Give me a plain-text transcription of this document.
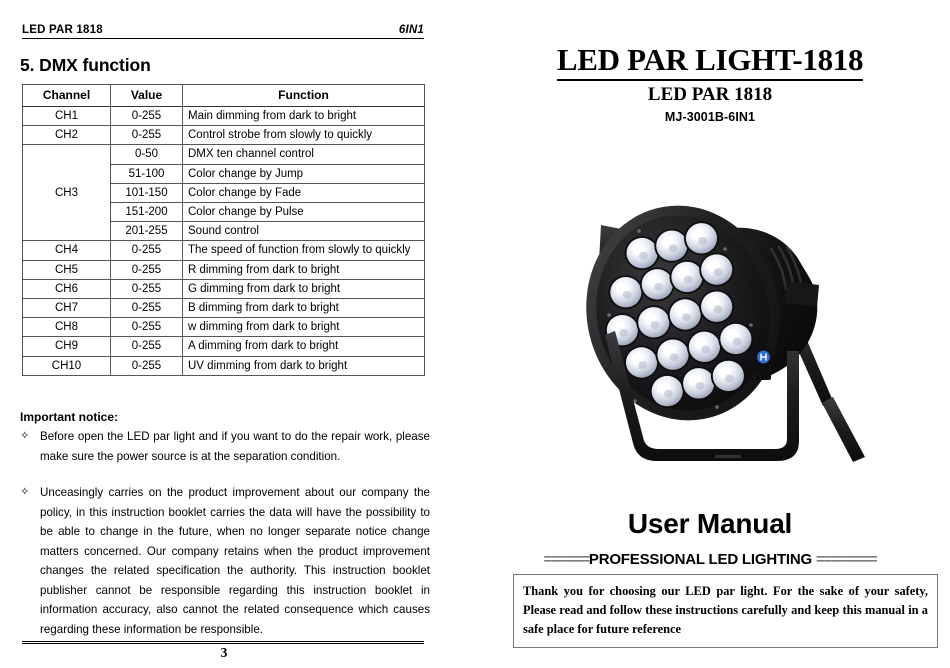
LED PAR 1818	6IN1
5. DMX function
Channel	Value	Function
CH1	0-255	Main dimming from dark to bright
CH2	0-255	Control strobe from slowly to quickly
CH3	0-50	DMX ten channel control
	51-100	Color change by Jump
	101-150	Color change by Fade
	151-200	Color change by Pulse
	201-255	Sound control
CH4	0-255	The speed of function from slowly to quickly
CH5	0-255	R dimming from dark to bright
CH6	0-255	G dimming from dark to bright
CH7	0-255	B dimming from dark to bright
CH8	0-255	w dimming from dark to bright
CH9	0-255	A dimming from dark to bright
CH10	0-255	UV dimming from dark to bright
Important notice:
✧ Before open the LED par light and if you want to do the repair work, please make sure the power source is at the separation condition.
✧ Unceasingly carries on the product improvement about our company the policy, in this instruction booklet carries the data will have the possibility to be able to change in the future, when no longer separate notice change matters concerned. Our company retains when the product improvement changes the related specification the authority. This instruction booklet publisher cannot be responsible regarding this instruction booklet in information accuracy, also cannot the related consequence which causes regarding these information be responsible.
3
LED PAR LIGHT-1818
LED PAR 1818
MJ-3001B-6IN1
User Manual
======PROFESSIONAL LED LIGHTING ========
Thank you for choosing our LED par light. For the sake of your safety, Please read and follow these instructions carefully and keep this manual in a safe place for future reference
